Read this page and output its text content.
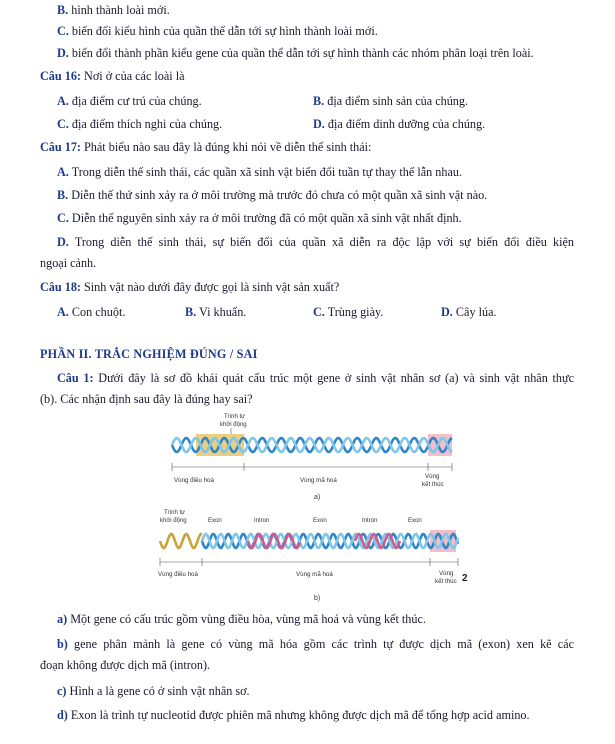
B. hình thành loài mới.
C. biến đổi kiểu hình của quần thể dẫn tới sự hình thành loài mới.
D. biến đổi thành phần kiểu gene của quần thể dẫn tới sự hình thành các nhóm phân loại trên loài.
Câu 16: Nơi ở của các loài là
A. địa điểm cư trú của chúng.	B. địa điểm sinh sản của chúng.
C. địa điểm thích nghi của chúng.	D. địa điểm dinh dưỡng của chúng.
Câu 17: Phát biểu nào sau đây là đúng khi nói về diễn thế sinh thái:
A. Trong diễn thế sinh thái, các quần xã sinh vật biến đổi tuần tự thay thế lẫn nhau.
B. Diễn thế thứ sinh xảy ra ở môi trường mà trước đó chưa có một quần xã sinh vật nào.
C. Diễn thế nguyên sinh xảy ra ở môi trường đã có một quần xã sinh vật nhất định.
D. Trong diễn thế sinh thái, sự biến đổi của quần xã diễn ra độc lập với sự biến đổi điều kiện
ngoại cảnh.
Câu 18: Sinh vật nào dưới đây được gọi là sinh vật sản xuất?
A. Con chuột.	B. Vi khuẩn.	C. Trùng giày.	D. Cây lúa.
PHẦN II. TRẮC NGHIỆM ĐÚNG / SAI
Câu 1: Dưới đây là sơ đồ khái quát cấu trúc một gene ở sinh vật nhân sơ (a) và sinh vật nhân thực
(b). Các nhận định sau đây là đúng hay sai?
Trình tự
khởi động
Vùng điều hoà	Vùng mã hoá
Vùng
kết thúc
a)
Trình tự
khởi động	Exon	Intron	Exon	Intron	Exon
Vùng điều hoà	Vùng mã hoá	Vùng
kết thúc 2
b)
a) Một gene có cấu trúc gồm vùng điều hòa, vùng mã hoá và vùng kết thúc.
b) gene phân mảnh là gene có vùng mã hóa gồm các trình tự được dịch mã (exon) xen kẽ các
đoạn không được dịch mã (intron).
c) Hình a là gene có ở sinh vật nhân sơ.
d) Exon là trình tự nucleotid được phiên mã nhưng không được dịch mã để tổng hợp acid amino.
